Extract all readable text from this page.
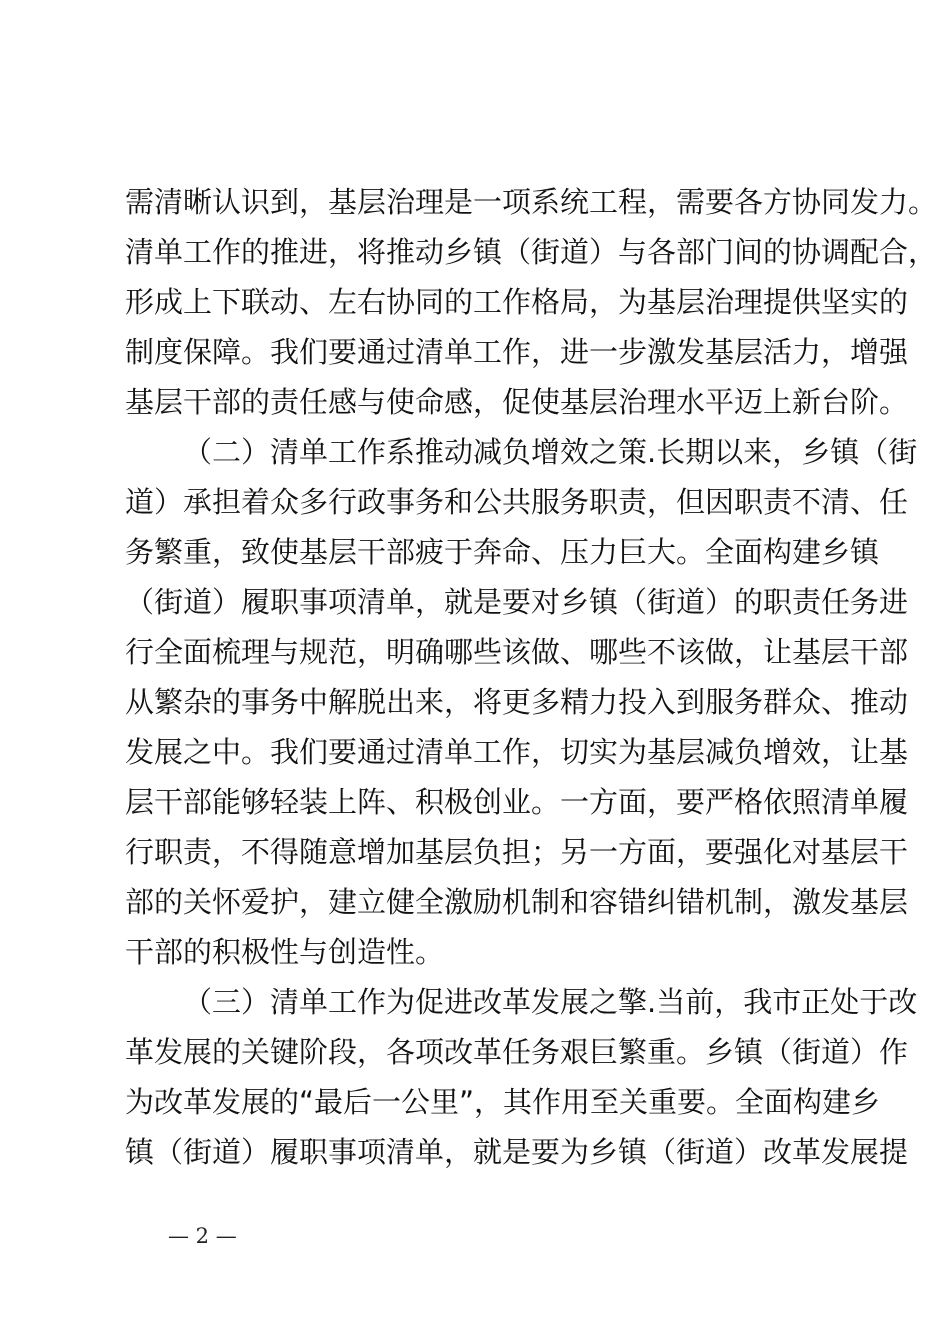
需清晰认识到，基层治理是一项系统工程，需要各方协同发力。
清单工作的推进，将推动乡镇（街道）与各部门间的协调配合，
形成上下联动、左右协同的工作格局，为基层治理提供坚实的
制度保障。我们要通过清单工作，进一步激发基层活力，增强
基层干部的责任感与使命感，促使基层治理水平迈上新台阶。
（二）清单工作系推动减负增效之策.长期以来，乡镇（街
道）承担着众多行政事务和公共服务职责，但因职责不清、任
务繁重，致使基层干部疲于奔命、压力巨大。全面构建乡镇
（街道）履职事项清单，就是要对乡镇（街道）的职责任务进
行全面梳理与规范，明确哪些该做、哪些不该做，让基层干部
从繁杂的事务中解脱出来，将更多精力投入到服务群众、推动
发展之中。我们要通过清单工作，切实为基层减负增效，让基
层干部能够轻装上阵、积极创业。一方面，要严格依照清单履
行职责，不得随意增加基层负担；另一方面，要强化对基层干
部的关怀爱护，建立健全激励机制和容错纠错机制，激发基层
干部的积极性与创造性。
（三）清单工作为促进改革发展之擎.当前，我市正处于改
革发展的关键阶段，各项改革任务艰巨繁重。乡镇（街道）作
为改革发展的“最后一公里”，其作用至关重要。全面构建乡
镇（街道）履职事项清单，就是要为乡镇（街道）改革发展提
— 2 —
